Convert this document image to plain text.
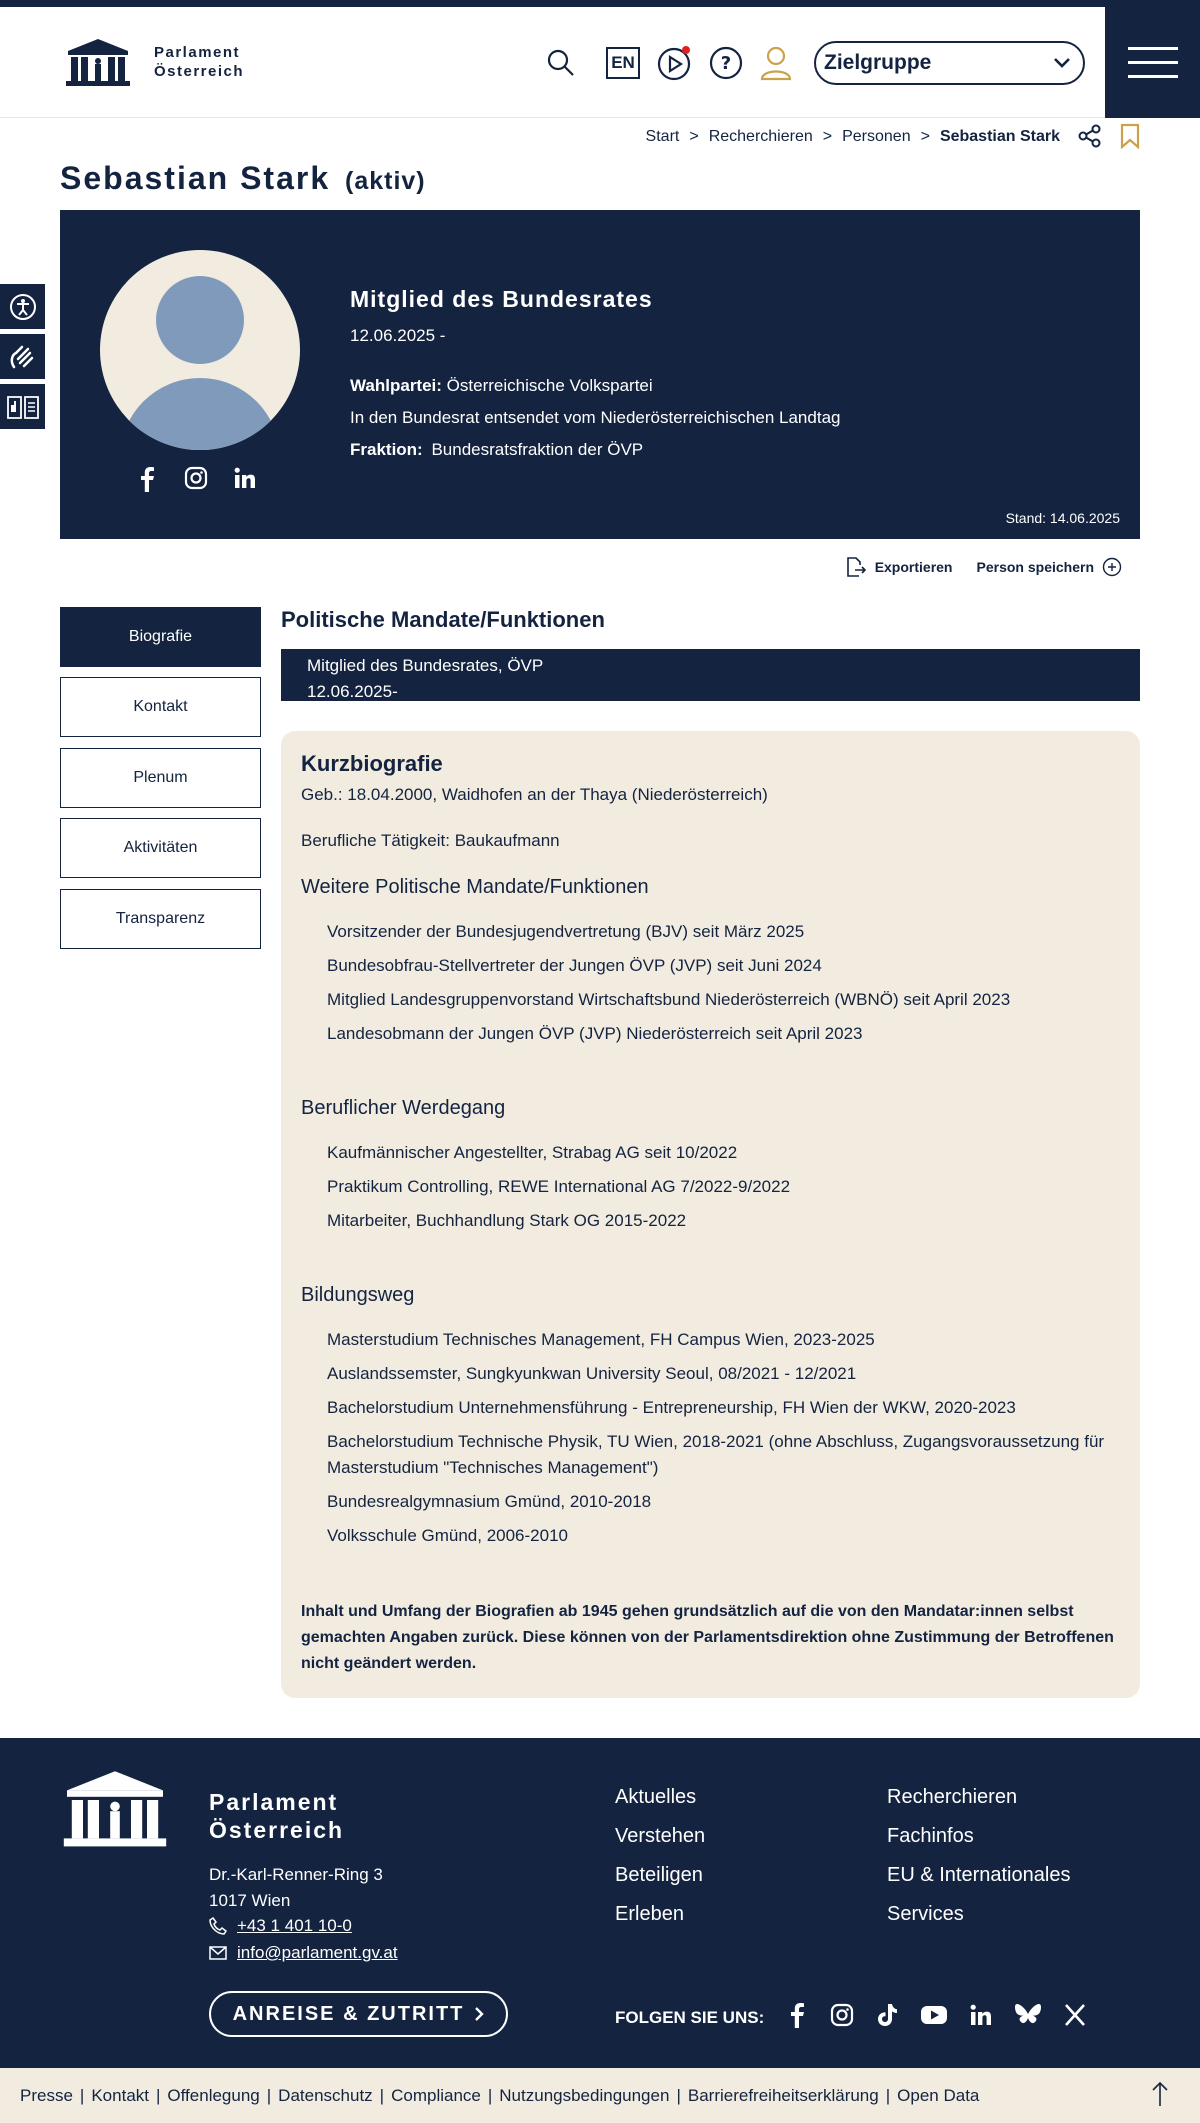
Parlament
Österreich	EN	?	Zielgruppe
Start > Recherchieren > Personen > Sebastian Stark
Sebastian Stark (aktiv)
Mitglied des Bundesrates
12.06.2025 -
Wahlpartei: Österreichische Volkspartei
In den Bundesrat entsendet vom Niederösterreichischen Landtag
Fraktion: Bundesratsfraktion der ÖVP
Stand: 14.06.2025
Exportieren Person speichern
Biografie
Kontakt
Plenum
Aktivitäten
Transparenz
Politische Mandate/Funktionen
Mitglied des Bundesrates, ÖVP
12.06.2025-
Kurzbiografie
Geb.: 18.04.2000, Waidhofen an der Thaya (Niederösterreich)
Berufliche Tätigkeit: Baukaufmann
Weitere Politische Mandate/Funktionen
Vorsitzender der Bundesjugendvertretung (BJV) seit März 2025
Bundesobfrau-Stellvertreter der Jungen ÖVP (JVP) seit Juni 2024
Mitglied Landesgruppenvorstand Wirtschaftsbund Niederösterreich (WBNÖ) seit April 2023
Landesobmann der Jungen ÖVP (JVP) Niederösterreich seit April 2023
Beruflicher Werdegang
Kaufmännischer Angestellter, Strabag AG seit 10/2022
Praktikum Controlling, REWE International AG 7/2022-9/2022
Mitarbeiter, Buchhandlung Stark OG 2015-2022
Bildungsweg
Masterstudium Technisches Management, FH Campus Wien, 2023-2025
Auslandssemster, Sungkyunkwan University Seoul, 08/2021 - 12/2021
Bachelorstudium Unternehmensführung - Entrepreneurship, FH Wien der WKW, 2020-2023
Bachelorstudium Technische Physik, TU Wien, 2018-2021 (ohne Abschluss, Zugangsvoraussetzung für Masterstudium "Technisches Management")
Bundesrealgymnasium Gmünd, 2010-2018
Volksschule Gmünd, 2006-2010
Inhalt und Umfang der Biografien ab 1945 gehen grundsätzlich auf die von den Mandatar:innen selbst gemachten Angaben zurück. Diese können von der Parlamentsdirektion ohne Zustimmung der Betroffenen nicht geändert werden.
Parlament
Österreich
Dr.-Karl-Renner-Ring 3
1017 Wien
+43 1 401 10-0
info@parlament.gv.at
ANREISE & ZUTRITT
Aktuelles
Verstehen
Beteiligen
Erleben
Recherchieren
Fachinfos
EU & Internationales
Services
FOLGEN SIE UNS:
Presse | Kontakt | Offenlegung | Datenschutz | Compliance | Nutzungsbedingungen | Barrierefreiheitserklärung | Open Data
